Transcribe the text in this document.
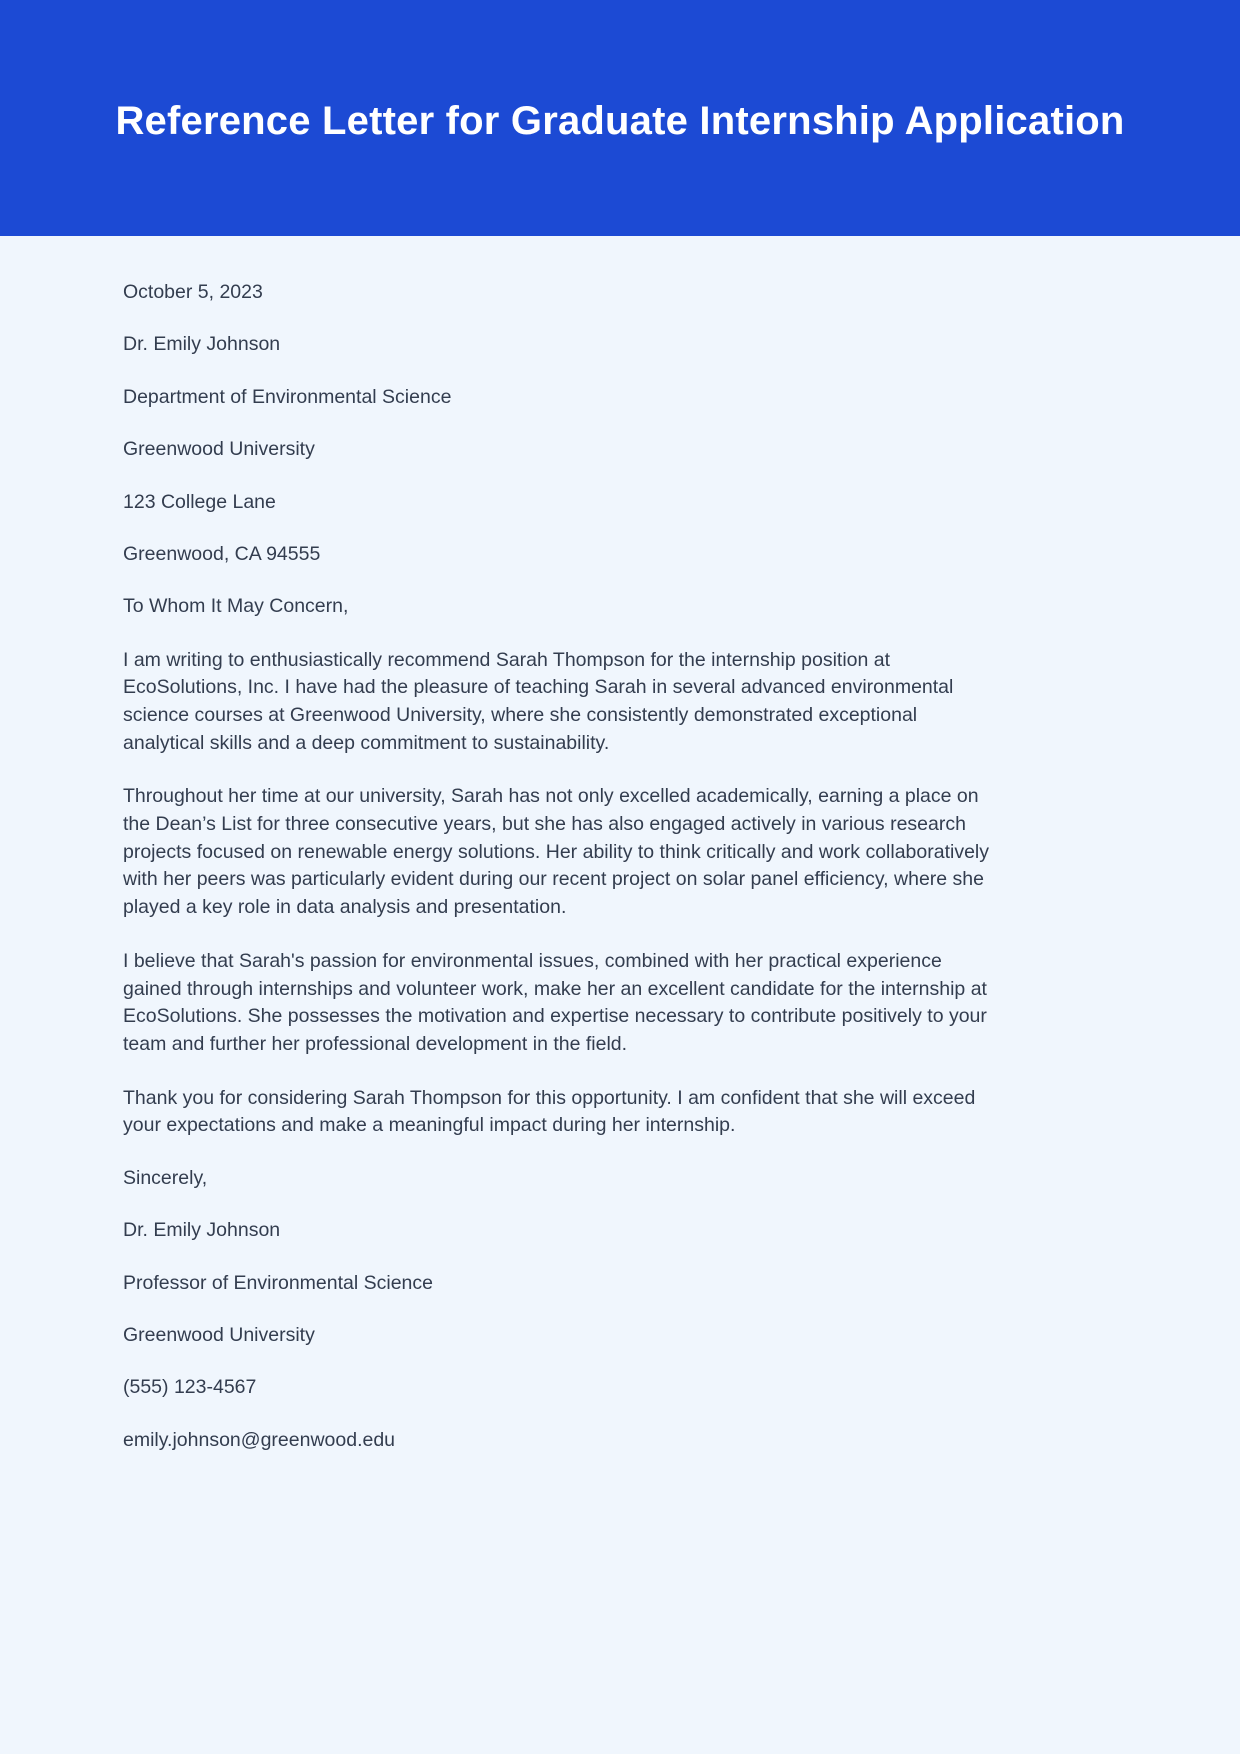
Reference Letter for Graduate Internship Application

October 5, 2023

Dr. Emily Johnson

Department of Environmental Science

Greenwood University

123 College Lane

Greenwood, CA 94555

To Whom It May Concern,

I am writing to enthusiastically recommend Sarah Thompson for the internship position at EcoSolutions, Inc. I have had the pleasure of teaching Sarah in several advanced environmental science courses at Greenwood University, where she consistently demonstrated exceptional analytical skills and a deep commitment to sustainability.

Throughout her time at our university, Sarah has not only excelled academically, earning a place on the Dean’s List for three consecutive years, but she has also engaged actively in various research projects focused on renewable energy solutions. Her ability to think critically and work collaboratively with her peers was particularly evident during our recent project on solar panel efficiency, where she played a key role in data analysis and presentation.

I believe that Sarah's passion for environmental issues, combined with her practical experience gained through internships and volunteer work, make her an excellent candidate for the internship at EcoSolutions. She possesses the motivation and expertise necessary to contribute positively to your team and further her professional development in the field.

Thank you for considering Sarah Thompson for this opportunity. I am confident that she will exceed your expectations and make a meaningful impact during her internship.

Sincerely,

Dr. Emily Johnson

Professor of Environmental Science

Greenwood University

(555) 123-4567

emily.johnson@greenwood.edu
